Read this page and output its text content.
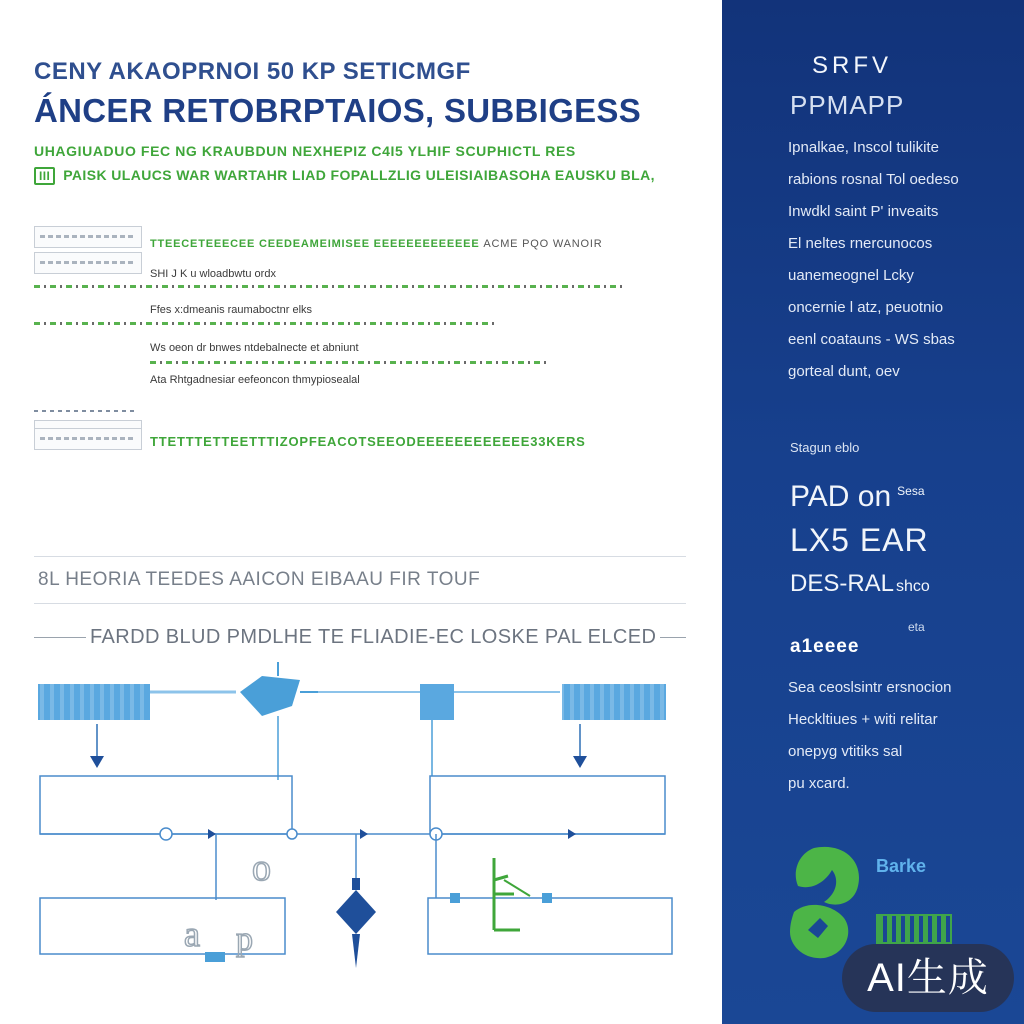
CENY AKAOPRNOI 50 KP SETICMGF
ÁNCER RETOBRPTAIOS, SUBBIGESS
UHAGIUADUO FEC NG KRAUBDUN NEXHEPIZ C4I5 YLHIF SCUPHICTL RES
III PAISK ULAUCS WAR WARTAHR LIAD FOPALLZLIG ULEISIAIBASOHA EAUSKU BLA,
TTEECETEEECEE CEEDEAMEIMISEE EEEEEEEEEEEEE ACME PQO WANOIR
SHI J K u wloadbwtu ordx
Ffes x:dmeanis raumaboctnr elks
Ws oeon dr bnwes ntdebalnecte et abniunt
Ata Rhtgadnesiar eefeoncon thmypiosealal
TTETTTETTEETTTIZOPFEACOTSEEODEEEEEEEEEEEE33KERS
8L HEORIA TEEDES AAICON EIBAAU FIR TOUF
FARDD BLUD PMDLHE TE FLIADIE-EC LOSKE PAL ELCED
o
a p
SRFV
PPMAPP
Ipnalkae, Inscol tulikite
rabions rosnal Tol oedeso
Inwdkl saint P' inveaits
El neltes rnercunocos
uanemeognel Lcky
oncernie l atz, peuotnio
eenl coatauns - WS sbas
gorteal dunt, oev
Stagun eblo
PAD on $^{Sesa}$
LX5 EAR
DES-RAL shco
eta
a1eeee
Sea ceoslsintr ersnocion
Heckltiues + witi relitar
onepyg vtitiks sal
pu xcard.
Barke
AI生成
